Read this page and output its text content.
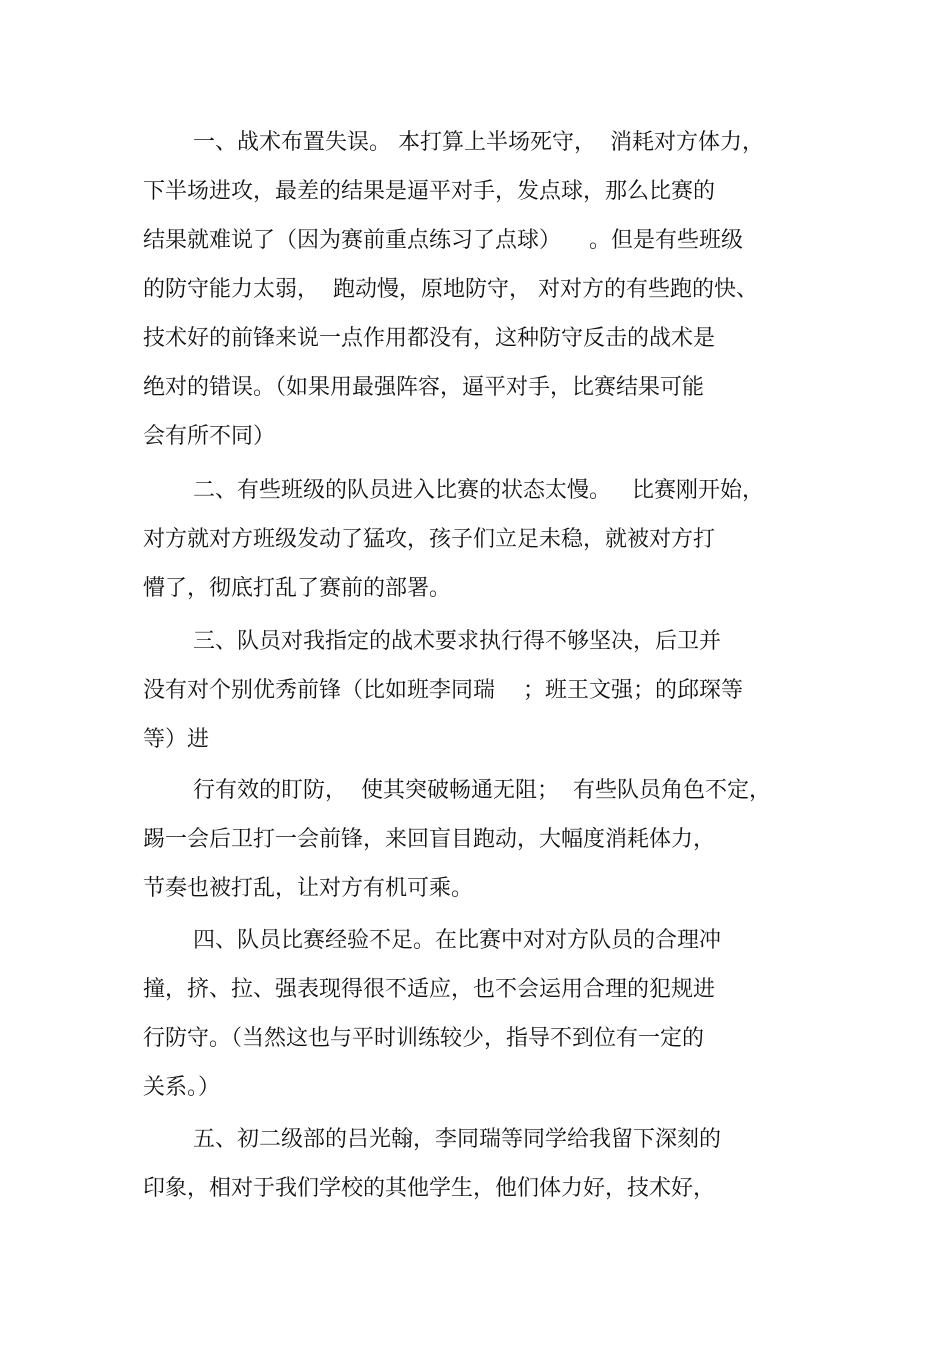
一、战术布置失误。 本打算上半场死守，  消耗对方体力，
下半场进攻，最差的结果是逼平对手，发点球，那么比赛的
结果就难说了（因为赛前重点练习了点球）    。但是有些班级
的防守能力太弱，  跑动慢，原地防守， 对对方的有些跑的快、
技术好的前锋来说一点作用都没有，这种防守反击的战术是
绝对的错误。（如果用最强阵容，逼平对手，比赛结果可能
会有所不同）
二、有些班级的队员进入比赛的状态太慢。   比赛刚开始，
对方就对方班级发动了猛攻，孩子们立足未稳，就被对方打
懵了，彻底打乱了赛前的部署。
三、队员对我指定的战术要求执行得不够坚决，后卫并
没有对个别优秀前锋（比如班李同瑞    ；班王文强；的邱琛等
等）进
行有效的盯防，  使其突破畅通无阻；  有些队员角色不定，
踢一会后卫打一会前锋，来回盲目跑动，大幅度消耗体力，
节奏也被打乱，让对方有机可乘。
四、队员比赛经验不足。在比赛中对对方队员的合理冲
撞，挤、拉、强表现得很不适应，也不会运用合理的犯规进
行防守。（当然这也与平时训练较少，指导不到位有一定的
关系。）
五、初二级部的吕光翰，李同瑞等同学给我留下深刻的
印象，相对于我们学校的其他学生，他们体力好，技术好，
